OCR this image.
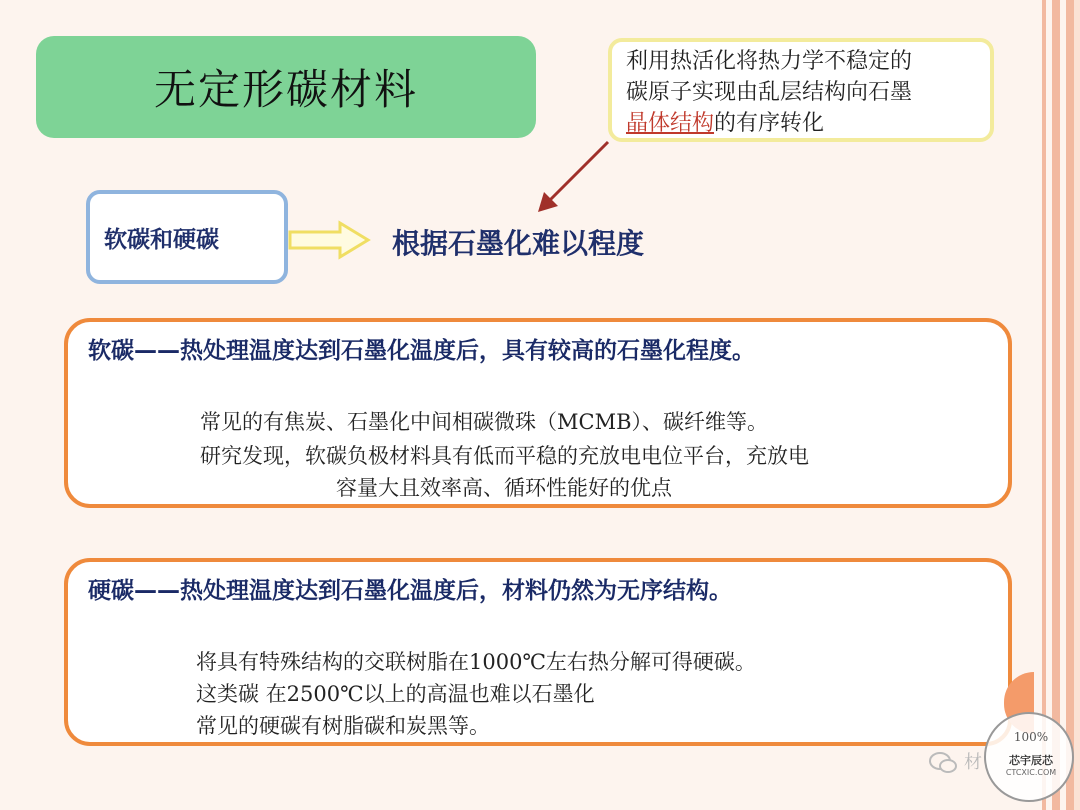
无定形碳材料
利用热活化将热力学不稳定的
碳原子实现由乱层结构向石墨
晶体结构的有序转化
软碳和硬碳	根据石墨化难以程度
软碳——热处理温度达到石墨化温度后，具有较高的石墨化程度。
常见的有焦炭、石墨化中间相碳微珠（MCMB）、碳纤维等。
研究发现，软碳负极材料具有低而平稳的充放电电位平台，充放电
容量大且效率高、循环性能好的优点
硬碳——热处理温度达到石墨化温度后，材料仍然为无序结构。
将具有特殊结构的交联树脂在1000℃左右热分解可得硬碳。
这类碳 在2500℃以上的高温也难以石墨化
常见的硬碳有树脂碳和炭黑等。
材
100%
芯宇辰芯
CTCXIC.COM
